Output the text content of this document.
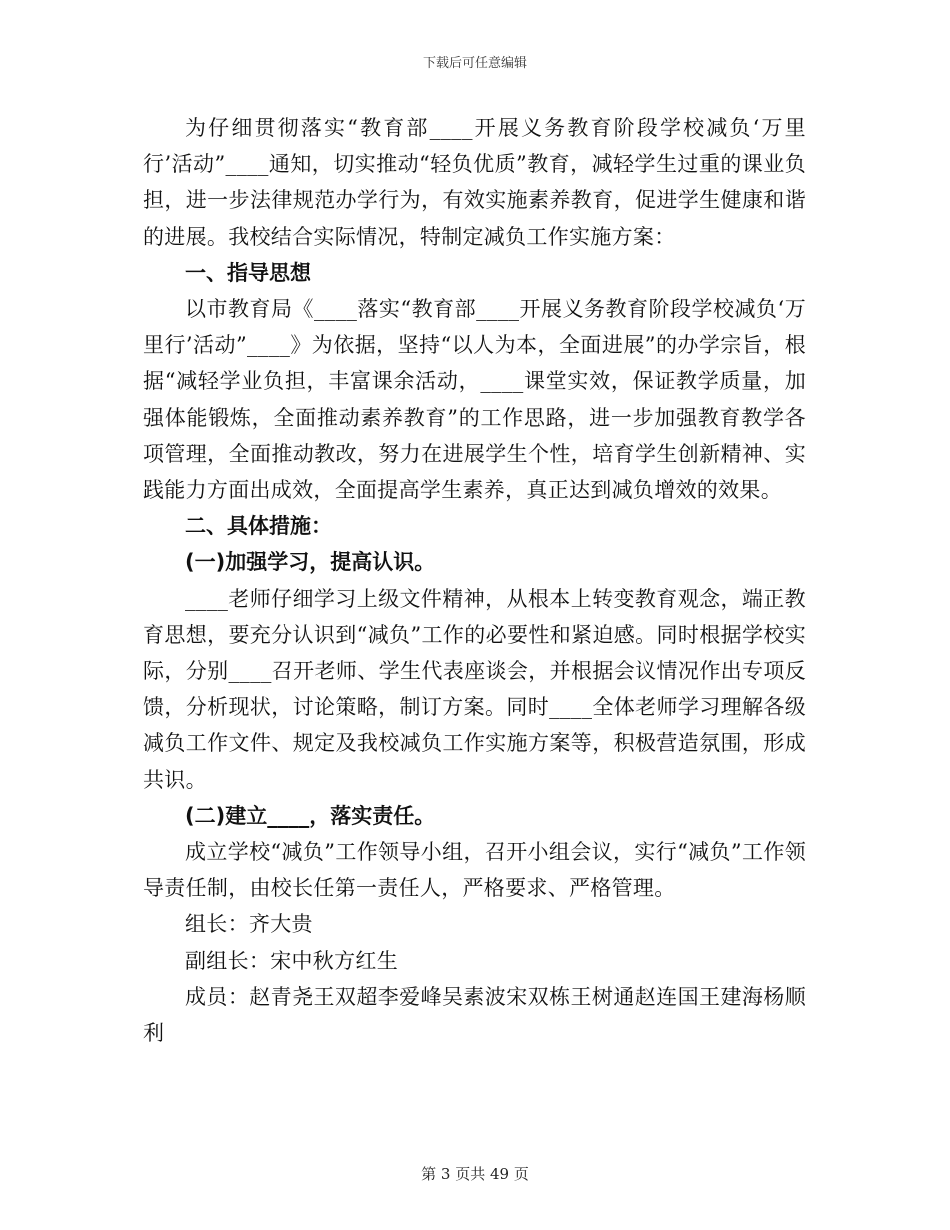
下载后可任意编辑

为仔细贯彻落实“教育部____开展义务教育阶段学校减负‘万里行’活动”____通知，切实推动“轻负优质”教育，减轻学生过重的课业负担，进一步法律规范办学行为，有效实施素养教育，促进学生健康和谐的进展。我校结合实际情况，特制定减负工作实施方案：

一、指导思想

以市教育局《____落实“教育部____开展义务教育阶段学校减负‘万里行’活动”____》为依据，坚持“以人为本，全面进展”的办学宗旨，根据“减轻学业负担，丰富课余活动，____课堂实效，保证教学质量，加强体能锻炼，全面推动素养教育”的工作思路，进一步加强教育教学各项管理，全面推动教改，努力在进展学生个性，培育学生创新精神、实践能力方面出成效，全面提高学生素养，真正达到减负增效的效果。

二、具体措施：

(一)加强学习，提高认识。

____老师仔细学习上级文件精神，从根本上转变教育观念，端正教育思想，要充分认识到“减负”工作的必要性和紧迫感。同时根据学校实际，分别____召开老师、学生代表座谈会，并根据会议情况作出专项反馈，分析现状，讨论策略，制订方案。同时____全体老师学习理解各级减负工作文件、规定及我校减负工作实施方案等，积极营造氛围，形成共识。

(二)建立____，落实责任。

成立学校“减负”工作领导小组，召开小组会议，实行“减负”工作领导责任制，由校长任第一责任人，严格要求、严格管理。

组长：齐大贵

副组长：宋中秋方红生

成员：赵青尧王双超李爱峰吴素波宋双栋王树通赵连国王建海杨顺利

第 3 页共 49 页
